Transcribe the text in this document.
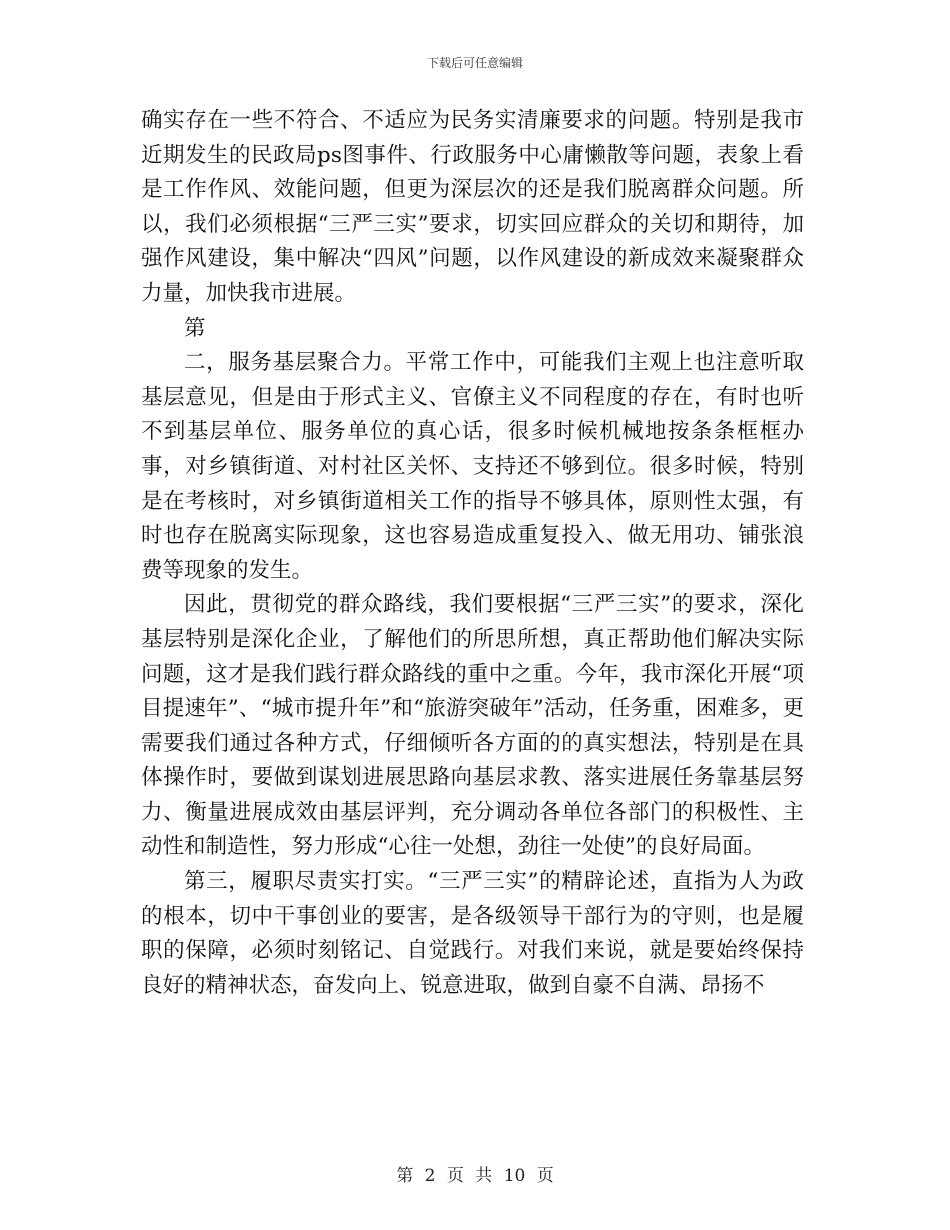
下载后可任意编辑

确实存在一些不符合、不适应为民务实清廉要求的问题。特别是我市近期发生的民政局ps图事件、行政服务中心庸懒散等问题，表象上看是工作作风、效能问题，但更为深层次的还是我们脱离群众问题。所以，我们必须根据“三严三实”要求，切实回应群众的关切和期待，加强作风建设，集中解决“四风”问题，以作风建设的新成效来凝聚群众力量，加快我市进展。

第

二，服务基层聚合力。平常工作中，可能我们主观上也注意听取基层意见，但是由于形式主义、官僚主义不同程度的存在，有时也听不到基层单位、服务单位的真心话，很多时候机械地按条条框框办事，对乡镇街道、对村社区关怀、支持还不够到位。很多时候，特别是在考核时，对乡镇街道相关工作的指导不够具体，原则性太强，有时也存在脱离实际现象，这也容易造成重复投入、做无用功、铺张浪费等现象的发生。

因此，贯彻党的群众路线，我们要根据“三严三实”的要求，深化基层特别是深化企业，了解他们的所思所想，真正帮助他们解决实际问题，这才是我们践行群众路线的重中之重。今年，我市深化开展“项目提速年”、“城市提升年”和“旅游突破年”活动，任务重，困难多，更需要我们通过各种方式，仔细倾听各方面的的真实想法，特别是在具体操作时，要做到谋划进展思路向基层求教、落实进展任务靠基层努力、衡量进展成效由基层评判，充分调动各单位各部门的积极性、主动性和制造性，努力形成“心往一处想，劲往一处使”的良好局面。

第三，履职尽责实打实。“三严三实”的精辟论述，直指为人为政的根本，切中干事创业的要害，是各级领导干部行为的守则，也是履职的保障，必须时刻铭记、自觉践行。对我们来说，就是要始终保持良好的精神状态，奋发向上、锐意进取，做到自豪不自满、昂扬不

第 2 页 共 10 页
